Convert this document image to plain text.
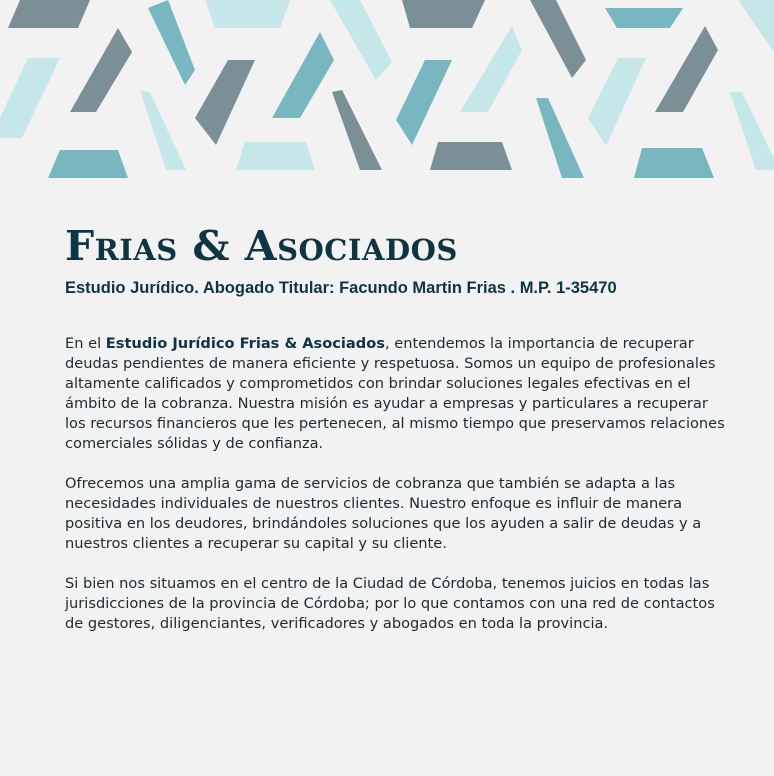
Frias & Asociados

Estudio Jurídico. Abogado Titular: Facundo Martin Frias . M.P. 1-35470

En el Estudio Jurídico Frias & Asociados, entendemos la importancia de recuperar deudas pendientes de manera eficiente y respetuosa. Somos un equipo de profesionales altamente calificados y comprometidos con brindar soluciones legales efectivas en el ámbito de la cobranza. Nuestra misión es ayudar a empresas y particulares a recuperar los recursos financieros que les pertenecen, al mismo tiempo que preservamos relaciones comerciales sólidas y de confianza.

Ofrecemos una amplia gama de servicios de cobranza que también se adapta a las necesidades individuales de nuestros clientes. Nuestro enfoque es influir de manera positiva en los deudores, brindándoles soluciones que los ayuden a salir de deudas y a nuestros clientes a recuperar su capital y su cliente.

Si bien nos situamos en el centro de la Ciudad de Córdoba, tenemos juicios en todas las jurisdicciones de la provincia de Córdoba; por lo que contamos con una red de contactos de gestores, diligenciantes, verificadores y abogados en toda la provincia.
